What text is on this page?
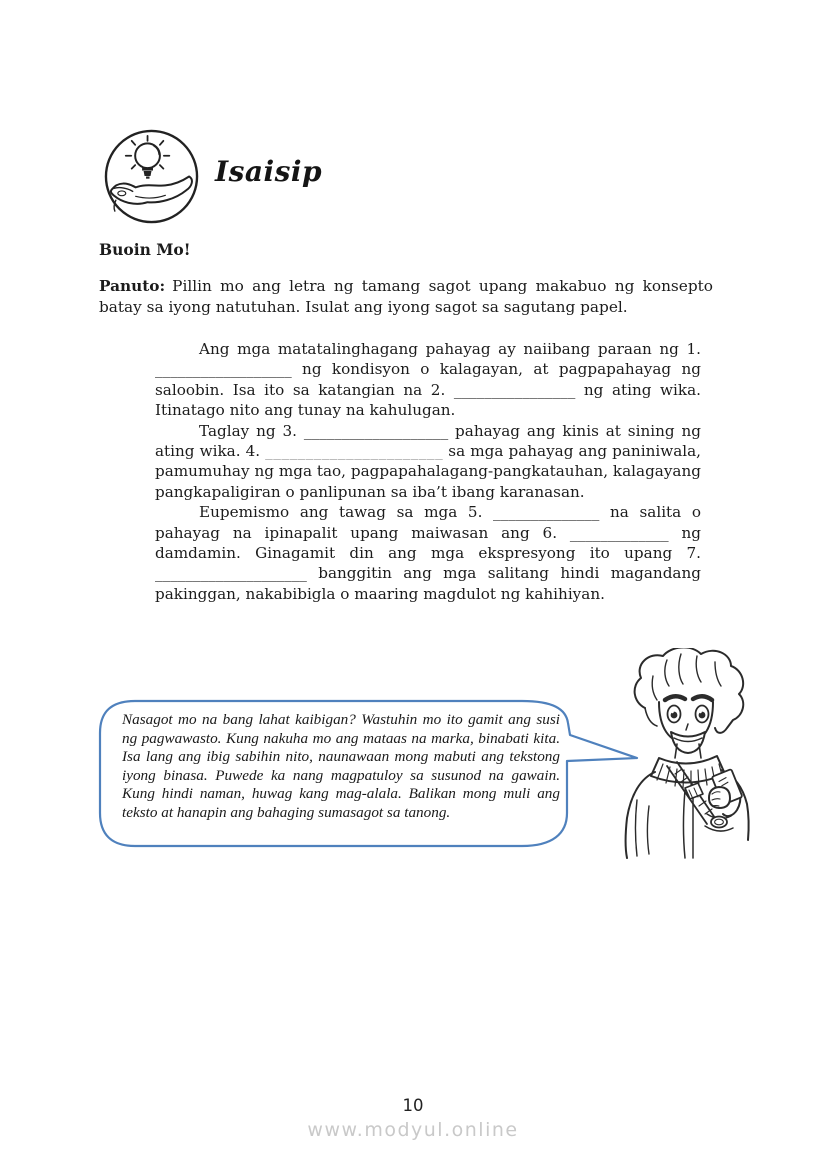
Isaisip
Buoin Mo!
Panuto: Pillin mo ang letra ng tamang sagot upang makabuo ng konsepto batay sa iyong natutuhan. Isulat ang iyong sagot sa sagutang papel.

Ang mga matatalinghagang pahayag ay naiibang paraan ng 1. __________________ ng kondisyon o kalagayan, at pagpapahayag ng saloobin. Isa ito sa katangian na 2. ________________ ng ating wika. Itinatago nito ang tunay na kahulugan.

Taglay ng 3. ___________________ pahayag ang kinis at sining ng ating wika. 4. ______________________ sa mga pahayag ang paniniwala, pamumuhay ng mga tao, pagpapahalagang-pangkatauhan, kalagayang pangkapaligiran o panlipunan sa iba’t ibang karanasan.

Eupemismo ang tawag sa mga 5. ______________ na salita o pahayag na ipinapalit upang maiwasan ang 6. _____________ ng damdamin. Ginagamit din ang mga ekspresyong ito upang 7. ____________________ banggitin ang mga salitang hindi magandang pakinggan, nakabibigla o maaring magdulot ng kahihiyan.

Nasagot mo na bang lahat kaibigan? Wastuhin mo ito gamit ang susi ng pagwawasto. Kung nakuha mo ang mataas na marka, binabati kita. Isa lang ang ibig sabihin nito, naunawaan mong mabuti ang tekstong iyong binasa. Puwede ka nang magpatuloy sa susunod na gawain. Kung hindi naman, huwag kang mag-alala. Balikan mong muli ang teksto at hanapin ang bahaging sumasagot sa tanong.
10
www.modyul.online
